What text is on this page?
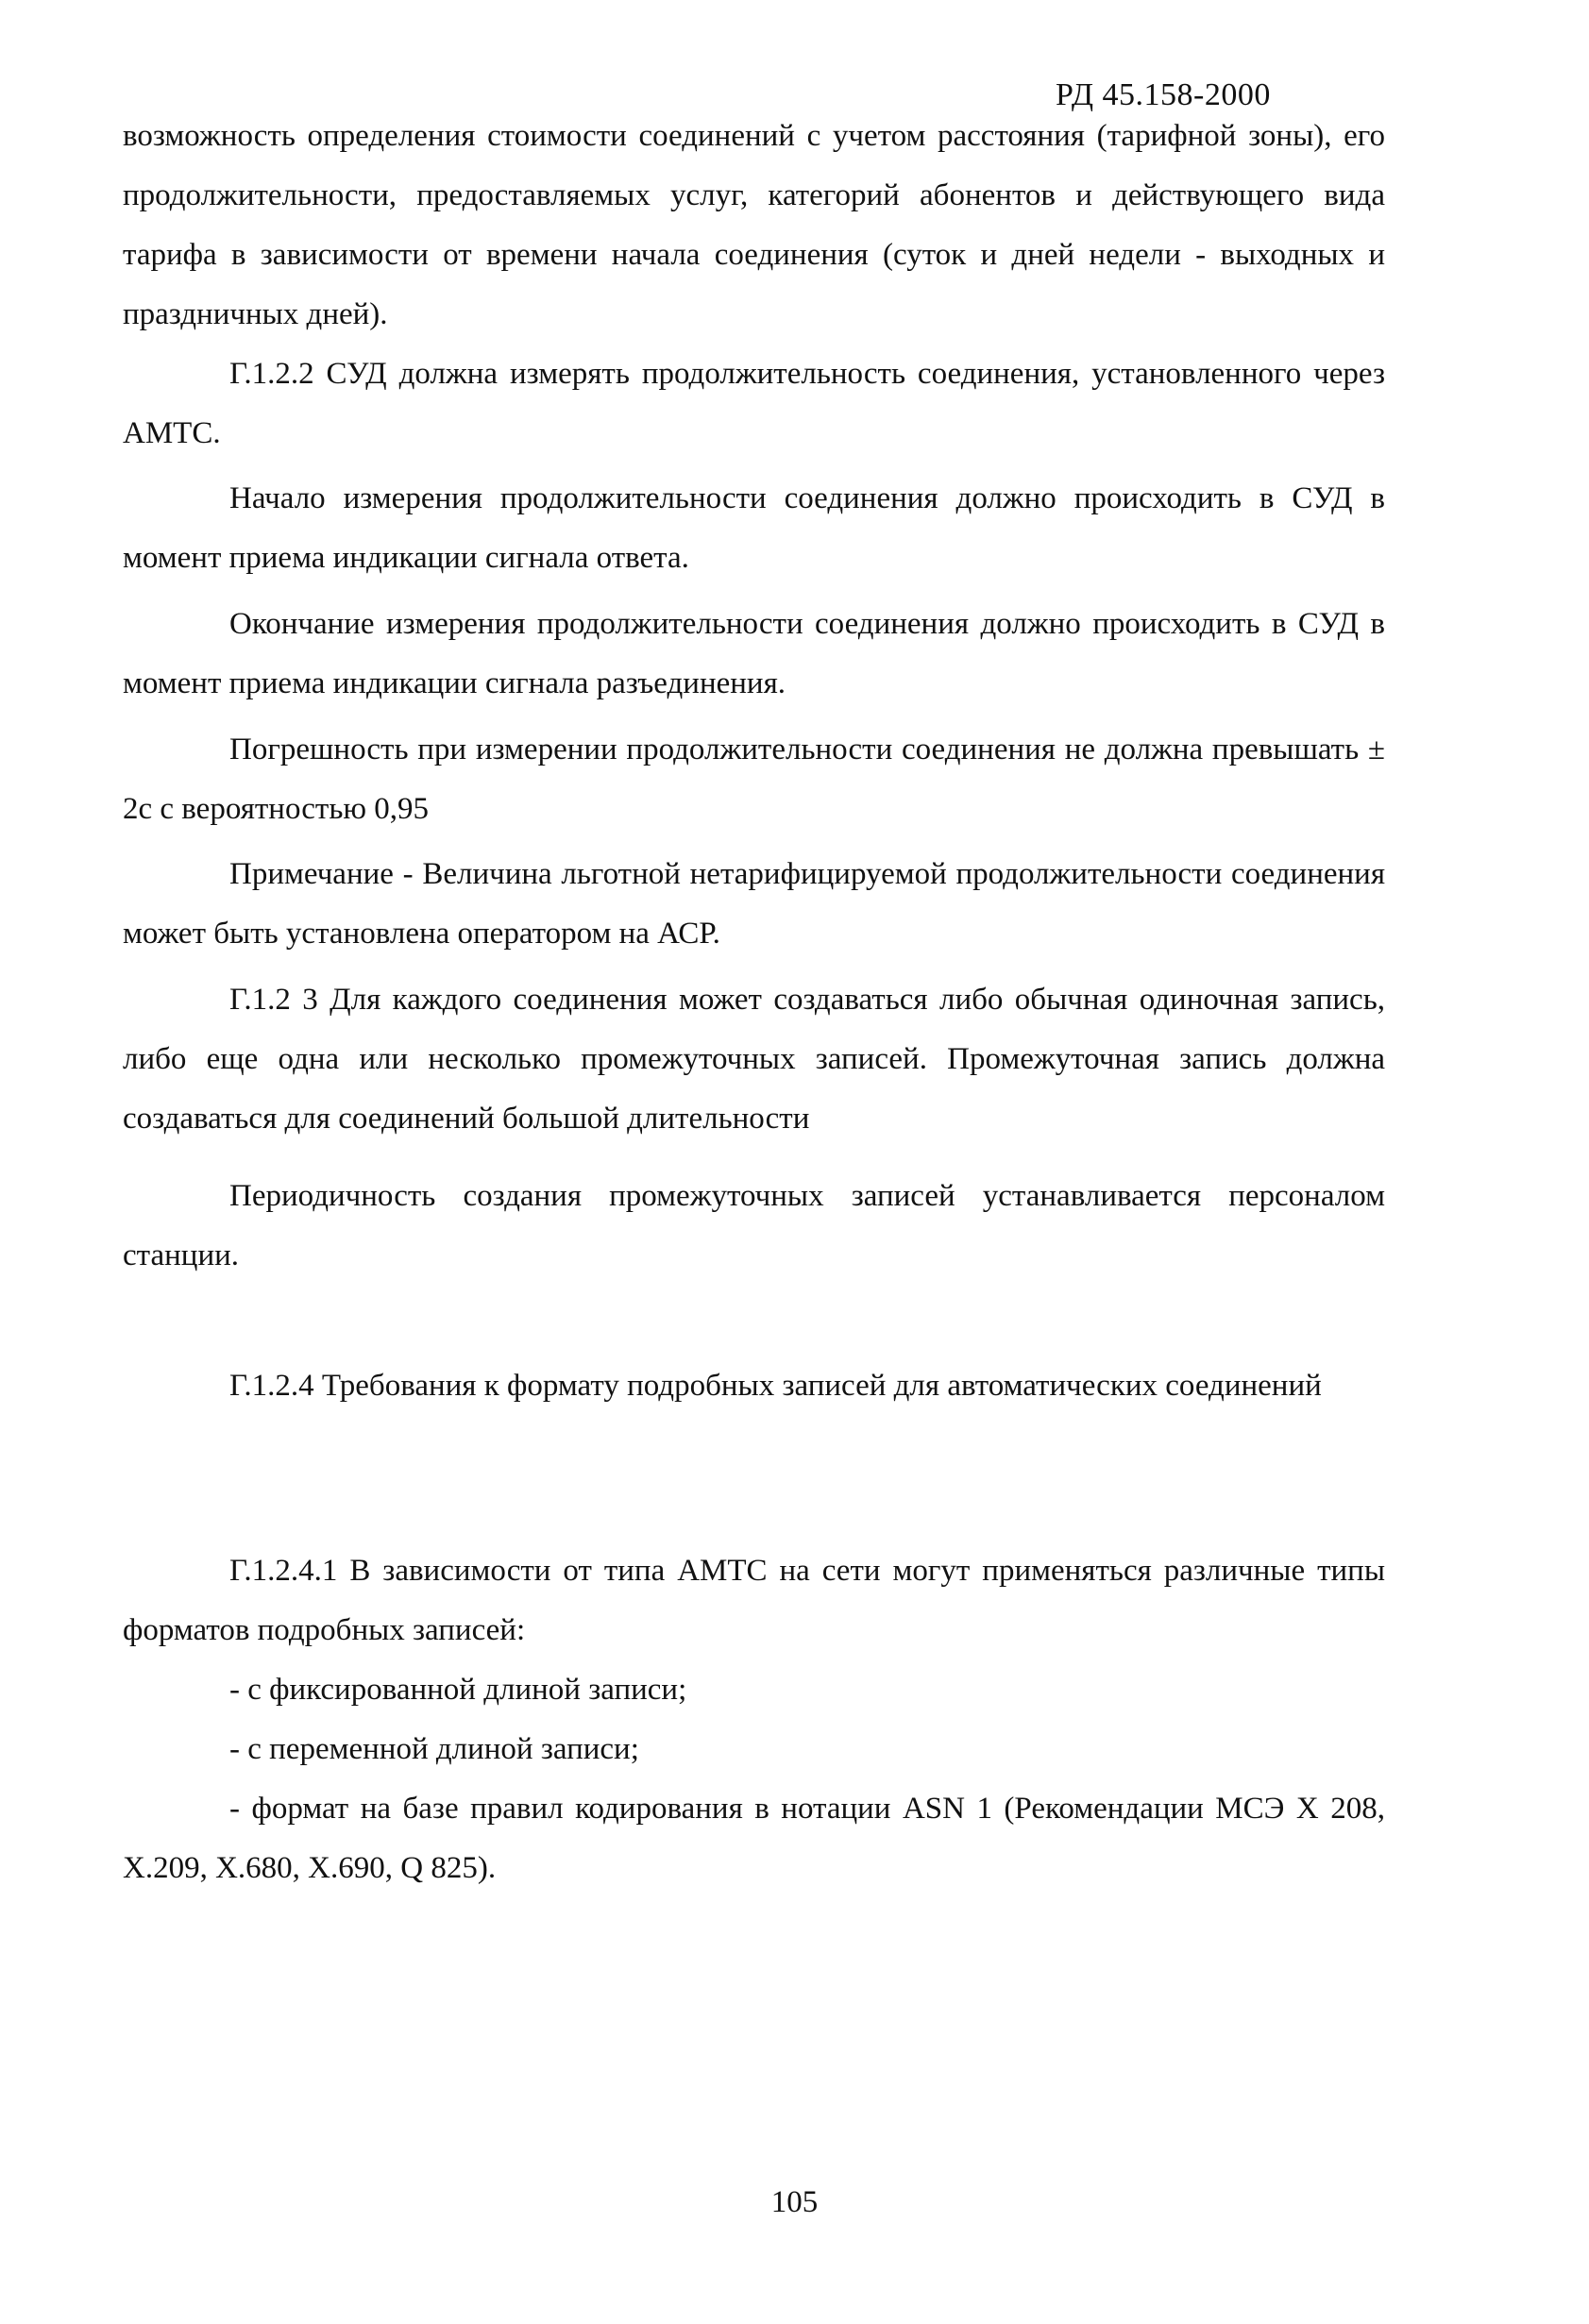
РД 45.158-2000

возможность определения стоимости соединений с учетом расстояния (тарифной зоны), его продолжительности, предоставляемых услуг, категорий абонентов и действующего вида тарифа в зависимости от времени начала соединения (суток и дней недели - выходных и праздничных дней).

Г.1.2.2 СУД должна измерять продолжительность соединения, установленного через АМТС.

Начало измерения продолжительности соединения должно происходить в СУД в момент приема индикации сигнала ответа.

Окончание измерения продолжительности соединения должно происходить в СУД в момент приема индикации сигнала разъединения.

Погрешность при измерении продолжительности соединения не должна превышать ± 2с с вероятностью 0,95

Примечание - Величина льготной нетарифицируемой продолжительности соединения может быть установлена оператором на АСР.

Г.1.2 3 Для каждого соединения может создаваться либо обычная одиночная запись, либо еще одна или несколько промежуточных записей. Промежуточная запись должна создаваться для соединений большой длительности

Периодичность создания промежуточных записей устанавливается персоналом станции.

Г.1.2.4 Требования к формату подробных записей для автоматических соединений

Г.1.2.4.1 В зависимости от типа АМТС на сети могут применяться различные типы форматов подробных записей:

- с фиксированной длиной записи;
- с переменной длиной записи;

- формат на базе правил кодирования в нотации ASN 1 (Рекомендации МСЭ X 208, X.209, X.680, X.690, Q 825).

105
